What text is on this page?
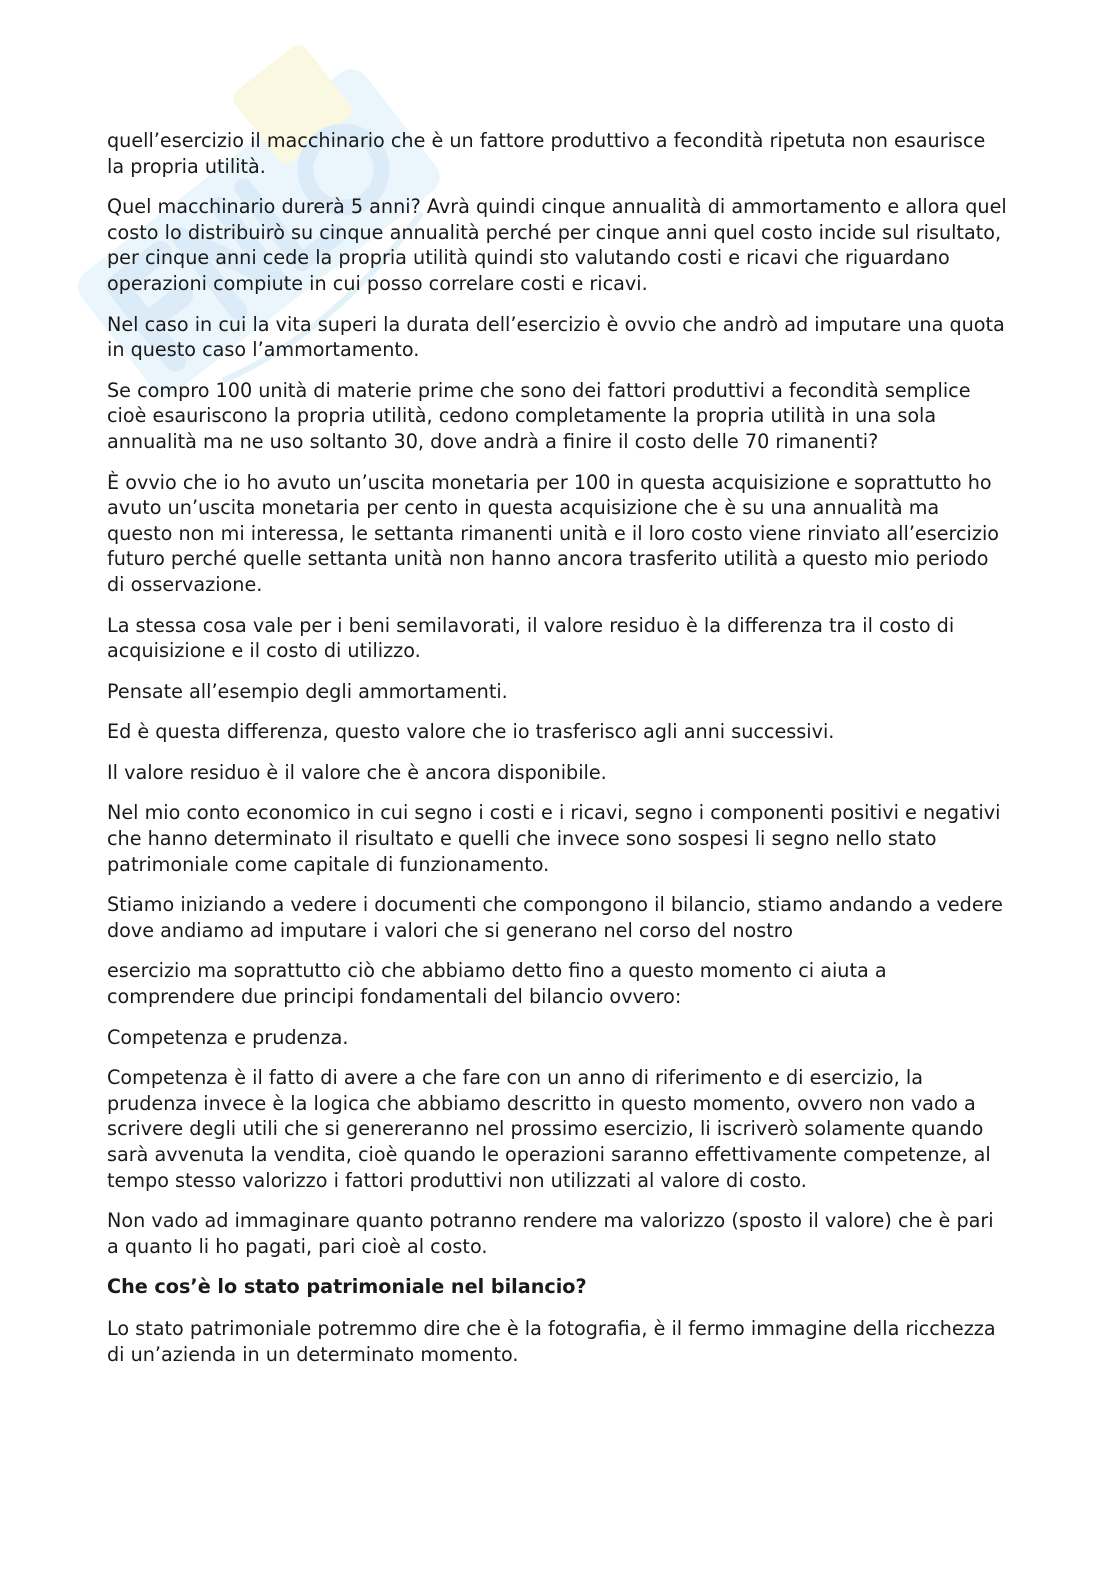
quell’esercizio il macchinario che è un fattore produttivo a fecondità ripetuta non esaurisce la propria utilità.

Quel macchinario durerà 5 anni? Avrà quindi cinque annualità di ammortamento e allora quel costo lo distribuirò su cinque annualità perché per cinque anni quel costo incide sul risultato, per cinque anni cede la propria utilità quindi sto valutando costi e ricavi che riguardano operazioni compiute in cui posso correlare costi e ricavi.

Nel caso in cui la vita superi la durata dell’esercizio è ovvio che andrò ad imputare una quota in questo caso l’ammortamento.

Se compro 100 unità di materie prime che sono dei fattori produttivi a fecondità semplice cioè esauriscono la propria utilità, cedono completamente la propria utilità in una sola annualità ma ne uso soltanto 30, dove andrà a finire il costo delle 70 rimanenti?

È ovvio che io ho avuto un’uscita monetaria per 100 in questa acquisizione e soprattutto ho avuto un’uscita monetaria per cento in questa acquisizione che è su una annualità ma questo non mi interessa, le settanta rimanenti unità e il loro costo viene rinviato all’esercizio futuro perché quelle settanta unità non hanno ancora trasferito utilità a questo mio periodo di osservazione.

La stessa cosa vale per i beni semilavorati, il valore residuo è la differenza tra il costo di acquisizione e il costo di utilizzo.

Pensate all’esempio degli ammortamenti.

Ed è questa differenza, questo valore che io trasferisco agli anni successivi.

Il valore residuo è il valore che è ancora disponibile.

Nel mio conto economico in cui segno i costi e i ricavi, segno i componenti positivi e negativi che hanno determinato il risultato e quelli che invece sono sospesi li segno nello stato patrimoniale come capitale di funzionamento.

Stiamo iniziando a vedere i documenti che compongono il bilancio, stiamo andando a vedere dove andiamo ad imputare i valori che si generano nel corso del nostro

esercizio ma soprattutto ciò che abbiamo detto fino a questo momento ci aiuta a comprendere due principi fondamentali del bilancio ovvero:

Competenza e prudenza.

Competenza è il fatto di avere a che fare con un anno di riferimento e di esercizio, la prudenza invece è la logica che abbiamo descritto in questo momento, ovvero non vado a scrivere degli utili che si genereranno nel prossimo esercizio, li iscriverò solamente quando sarà avvenuta la vendita, cioè quando le operazioni saranno effettivamente competenze, al tempo stesso valorizzo i fattori produttivi non utilizzati al valore di costo.

Non vado ad immaginare quanto potranno rendere ma valorizzo (sposto il valore) che è pari a quanto li ho pagati, pari cioè al costo.

Che cos’è lo stato patrimoniale nel bilancio?

Lo stato patrimoniale potremmo dire che è la fotografia, è il fermo immagine della ricchezza di un’azienda in un determinato momento.
